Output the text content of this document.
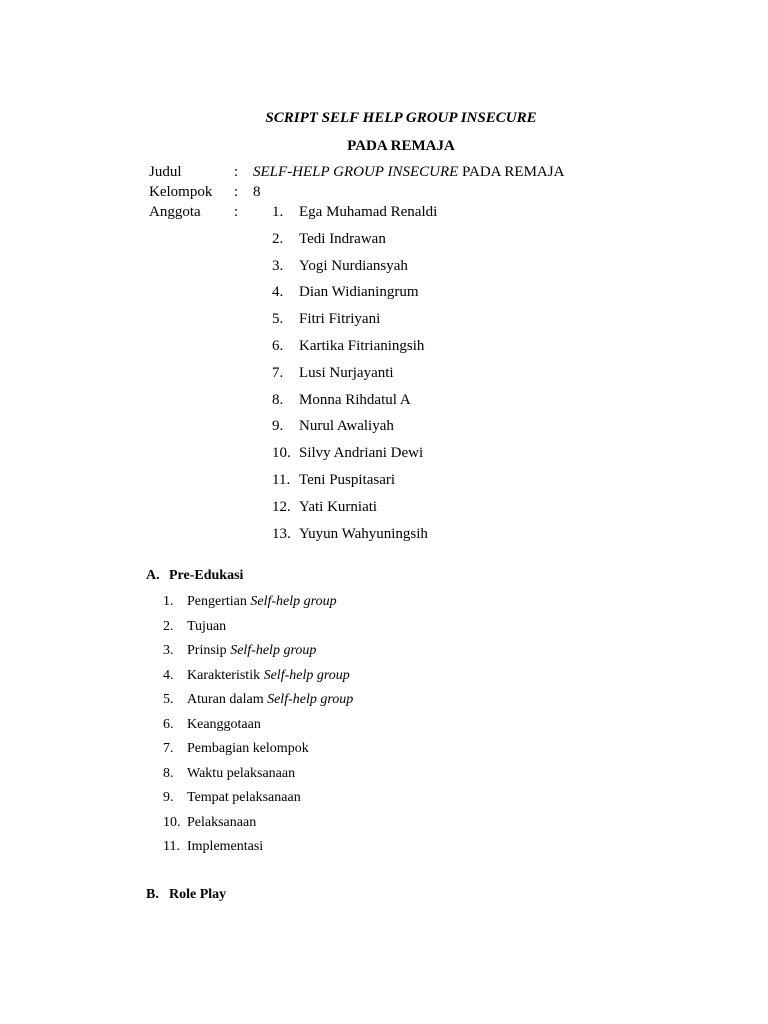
SCRIPT SELF HELP GROUP INSECURE
PADA REMAJA
Judul	: SELF-HELP GROUP INSECURE PADA REMAJA
Kelompok : 8
Anggota : 1. Ega Muhamad Renaldi
2. Tedi Indrawan
3. Yogi Nurdiansyah
4. Dian Widianingrum
5. Fitri Fitriyani
6. Kartika Fitrianingsih
7. Lusi Nurjayanti
8. Monna Rihdatul A
9. Nurul Awaliyah
10. Silvy Andriani Dewi
11. Teni Puspitasari
12. Yati Kurniati
13. Yuyun Wahyuningsih
A. Pre-Edukasi
1. Pengertian Self-help group
2. Tujuan
3. Prinsip Self-help group
4. Karakteristik Self-help group
5. Aturan dalam Self-help group
6. Keanggotaan
7. Pembagian kelompok
8. Waktu pelaksanaan
9. Tempat pelaksanaan
10. Pelaksanaan
11. Implementasi
B. Role Play
